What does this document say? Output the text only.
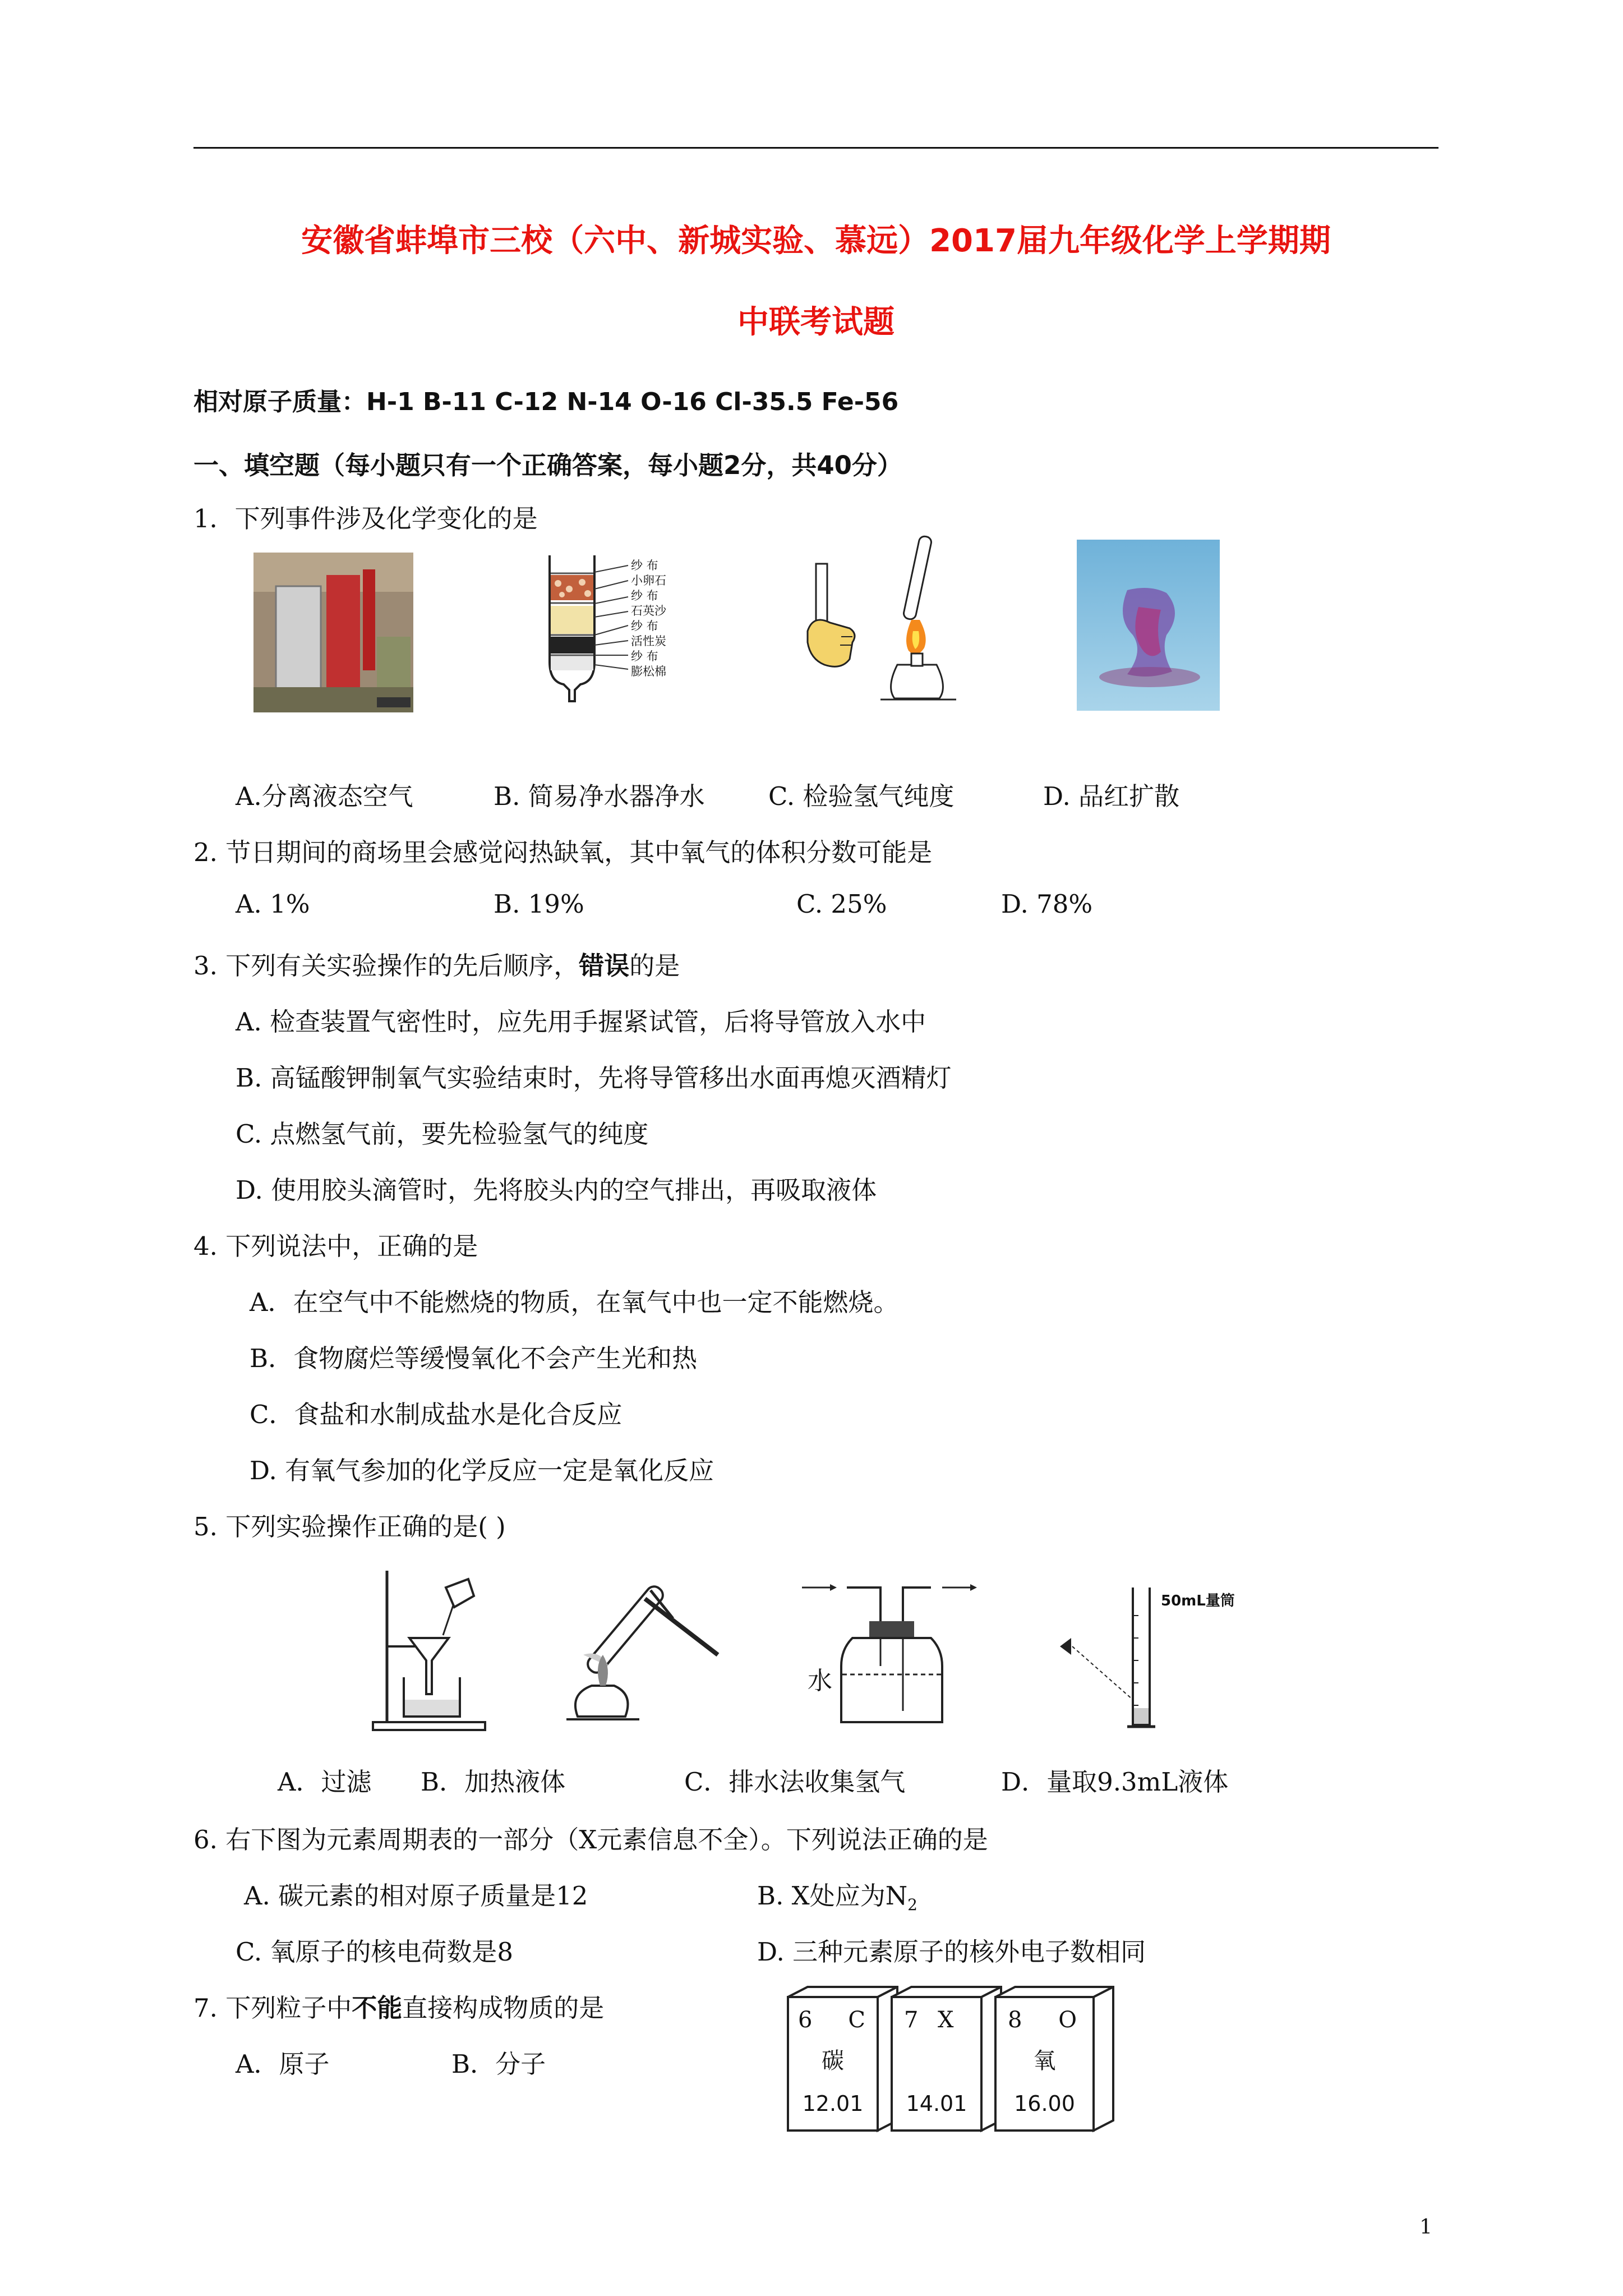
安徽省蚌埠市三校（六中、新城实验、慕远）2017届九年级化学上学期期
中联考试题
相对原子质量：H-1 B-11 C-12 N-14 O-16 Cl-35.5 Fe-56
一、填空题（每小题只有一个正确答案，每小题2分，共40分）
1．下列事件涉及化学变化的是
纱 布
小卵石
纱 布
石英沙
纱 布
活性炭
纱 布
膨松棉
A.分离液态空气	B. 简易净水器净水	C. 检验氢气纯度	D. 品红扩散
2. 节日期间的商场里会感觉闷热缺氧，其中氧气的体积分数可能是
A. 1%	B. 19%	C. 25%	D. 78%
3. 下列有关实验操作的先后顺序，错误的是
A. 检查装置气密性时，应先用手握紧试管，后将导管放入水中
B. 高锰酸钾制氧气实验结束时，先将导管移出水面再熄灭酒精灯
C. 点燃氢气前，要先检验氢气的纯度
D. 使用胶头滴管时，先将胶头内的空气排出，再吸取液体
4. 下列说法中，正确的是
A．在空气中不能燃烧的物质，在氧气中也一定不能燃烧。
B．食物腐烂等缓慢氧化不会产生光和热
C．食盐和水制成盐水是化合反应
D. 有氧气参加的化学反应一定是氧化反应
5. 下列实验操作正确的是( )
水
50mL量筒
A．过滤 B．加热液体	C．排水法收集氢气	D．量取9.3mL液体
6. 右下图为元素周期表的一部分（X元素信息不全）。下列说法正确的是
A. 碳元素的相对原子质量是12	B. X处应为$N_2$
C. 氧原子的核电荷数是8	D. 三种元素原子的核外电子数相同
7. 下列粒子中不能直接构成物质的是
A．原子	B．分子
6 C
碳
12.01
7 X
14.01
8 O
氧
16.00
1
